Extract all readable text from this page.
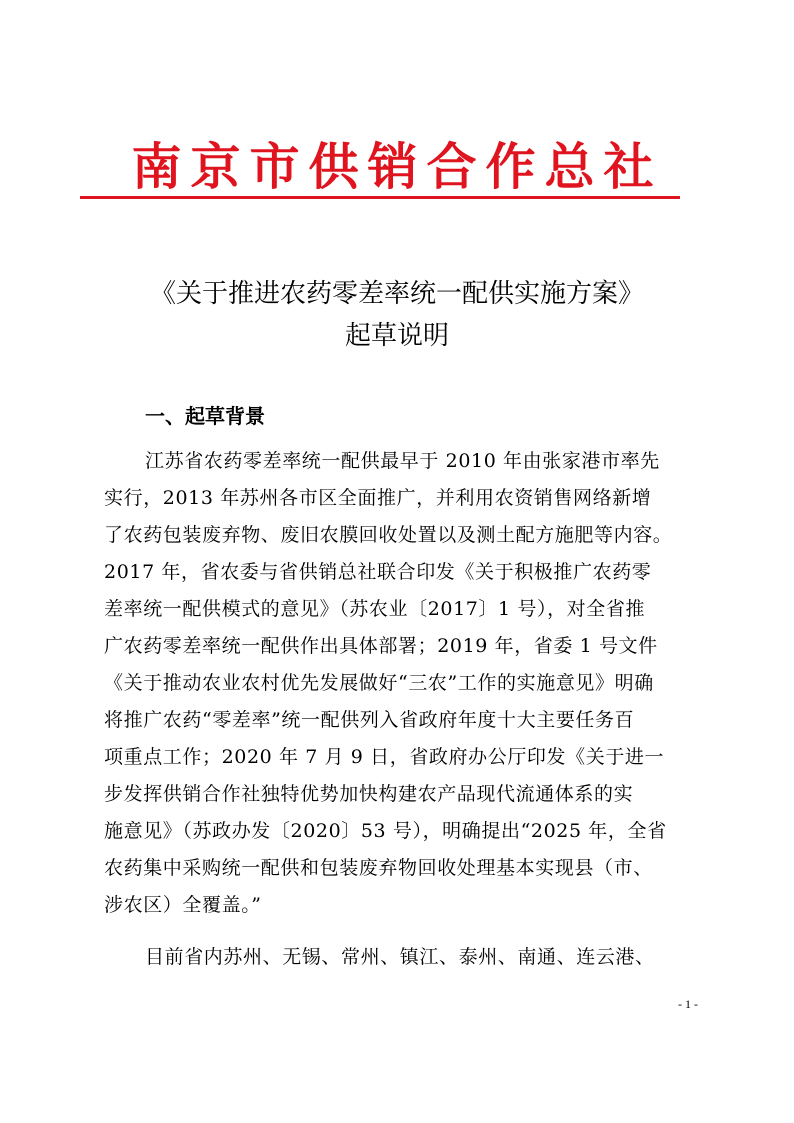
南京市供销合作总社
《关于推进农药零差率统一配供实施方案》
起草说明
一、起草背景
江苏省农药零差率统一配供最早于 2010 年由张家港市率先
实行，2013 年苏州各市区全面推广，并利用农资销售网络新增
了农药包装废弃物、废旧农膜回收处置以及测土配方施肥等内容。
2017 年，省农委与省供销总社联合印发《关于积极推广农药零
差率统一配供模式的意见》（苏农业〔2017〕1 号），对全省推
广农药零差率统一配供作出具体部署；2019 年，省委 1 号文件
《关于推动农业农村优先发展做好“三农”工作的实施意见》明确
将推广农药“零差率”统一配供列入省政府年度十大主要任务百
项重点工作；2020 年 7 月 9 日，省政府办公厅印发《关于进一
步发挥供销合作社独特优势加快构建农产品现代流通体系的实
施意见》（苏政办发〔2020〕53 号），明确提出“2025 年，全省
农药集中采购统一配供和包装废弃物回收处理基本实现县（市、
涉农区）全覆盖。”
目前省内苏州、无锡、常州、镇江、泰州、南通、连云港、
- 1 -
